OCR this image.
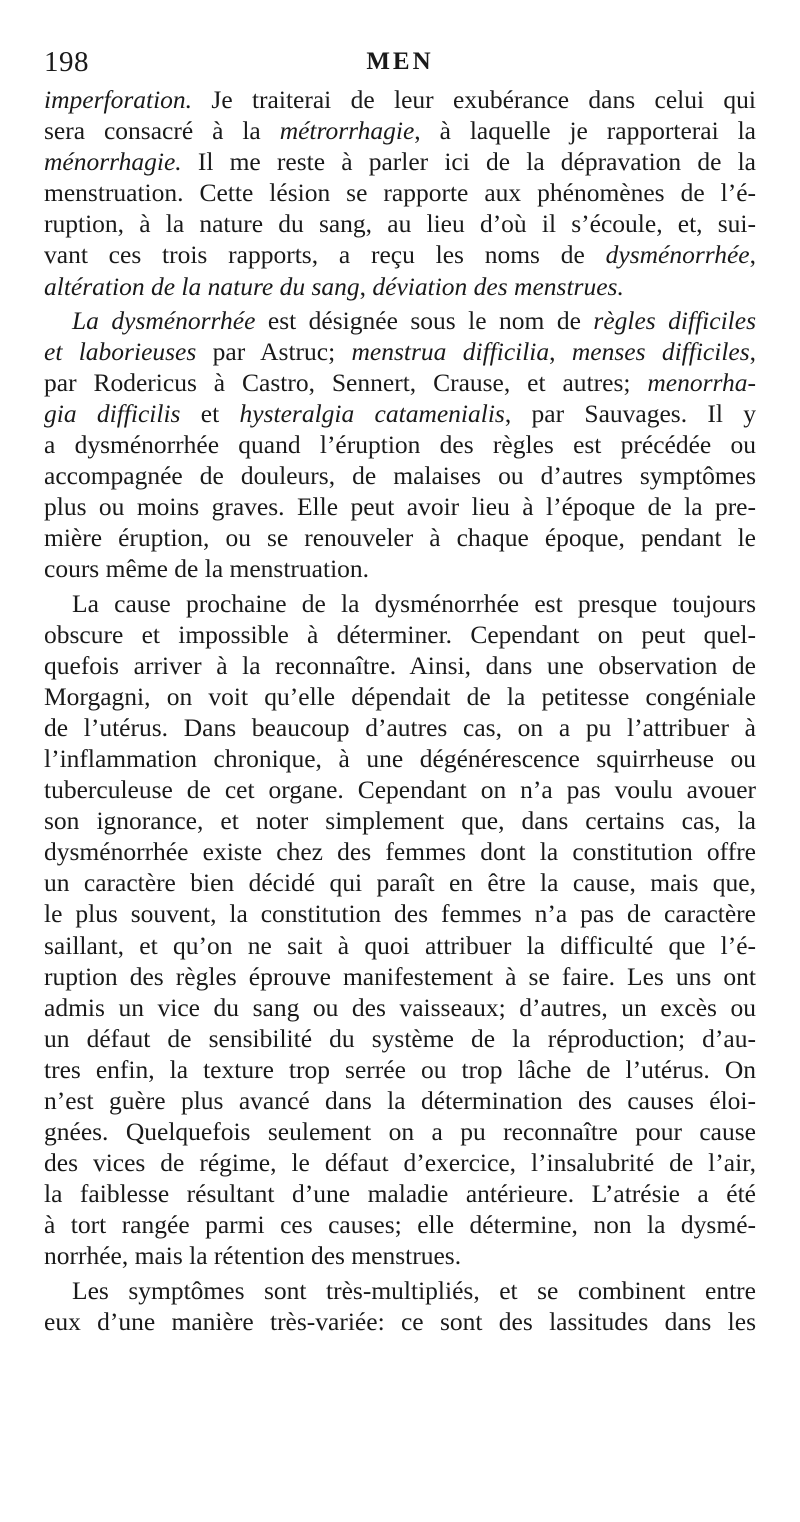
198	MEN
imperforation. Je traiterai de leur exubérance dans celui qui
sera consacré à la métrorrhagie, à laquelle je rapporterai la
ménorrhagie. Il me reste à parler ici de la dépravation de la
menstruation. Cette lésion se rapporte aux phénomènes de l’é-
ruption, à la nature du sang, au lieu d’où il s’écoule, et, sui-
vant ces trois rapports, a reçu les noms de dysménorrhée,
altération de la nature du sang, déviation des menstrues.
La dysménorrhée est désignée sous le nom de règles difficiles
et laborieuses par Astruc; menstrua difficilia, menses difficiles,
par Rodericus à Castro, Sennert, Crause, et autres; menorrha-
gia difficilis et hysteralgia catamenialis, par Sauvages. Il y
a dysménorrhée quand l’éruption des règles est précédée ou
accompagnée de douleurs, de malaises ou d’autres symptômes
plus ou moins graves. Elle peut avoir lieu à l’époque de la pre-
mière éruption, ou se renouveler à chaque époque, pendant le
cours même de la menstruation.
La cause prochaine de la dysménorrhée est presque toujours
obscure et impossible à déterminer. Cependant on peut quel-
quefois arriver à la reconnaître. Ainsi, dans une observation de
Morgagni, on voit qu’elle dépendait de la petitesse congéniale
de l’utérus. Dans beaucoup d’autres cas, on a pu l’attribuer à
l’inflammation chronique, à une dégénérescence squirrheuse ou
tuberculeuse de cet organe. Cependant on n’a pas voulu avouer
son ignorance, et noter simplement que, dans certains cas, la
dysménorrhée existe chez des femmes dont la constitution offre
un caractère bien décidé qui paraît en être la cause, mais que,
le plus souvent, la constitution des femmes n’a pas de caractère
saillant, et qu’on ne sait à quoi attribuer la difficulté que l’é-
ruption des règles éprouve manifestement à se faire. Les uns ont
admis un vice du sang ou des vaisseaux; d’autres, un excès ou
un défaut de sensibilité du système de la réproduction; d’au-
tres enfin, la texture trop serrée ou trop lâche de l’utérus. On
n’est guère plus avancé dans la détermination des causes éloi-
gnées. Quelquefois seulement on a pu reconnaître pour cause
des vices de régime, le défaut d’exercice, l’insalubrité de l’air,
la faiblesse résultant d’une maladie antérieure. L’atrésie a été
à tort rangée parmi ces causes; elle détermine, non la dysmé-
norrhée, mais la rétention des menstrues.
Les symptômes sont très-multipliés, et se combinent entre
eux d’une manière très-variée: ce sont des lassitudes dans les
